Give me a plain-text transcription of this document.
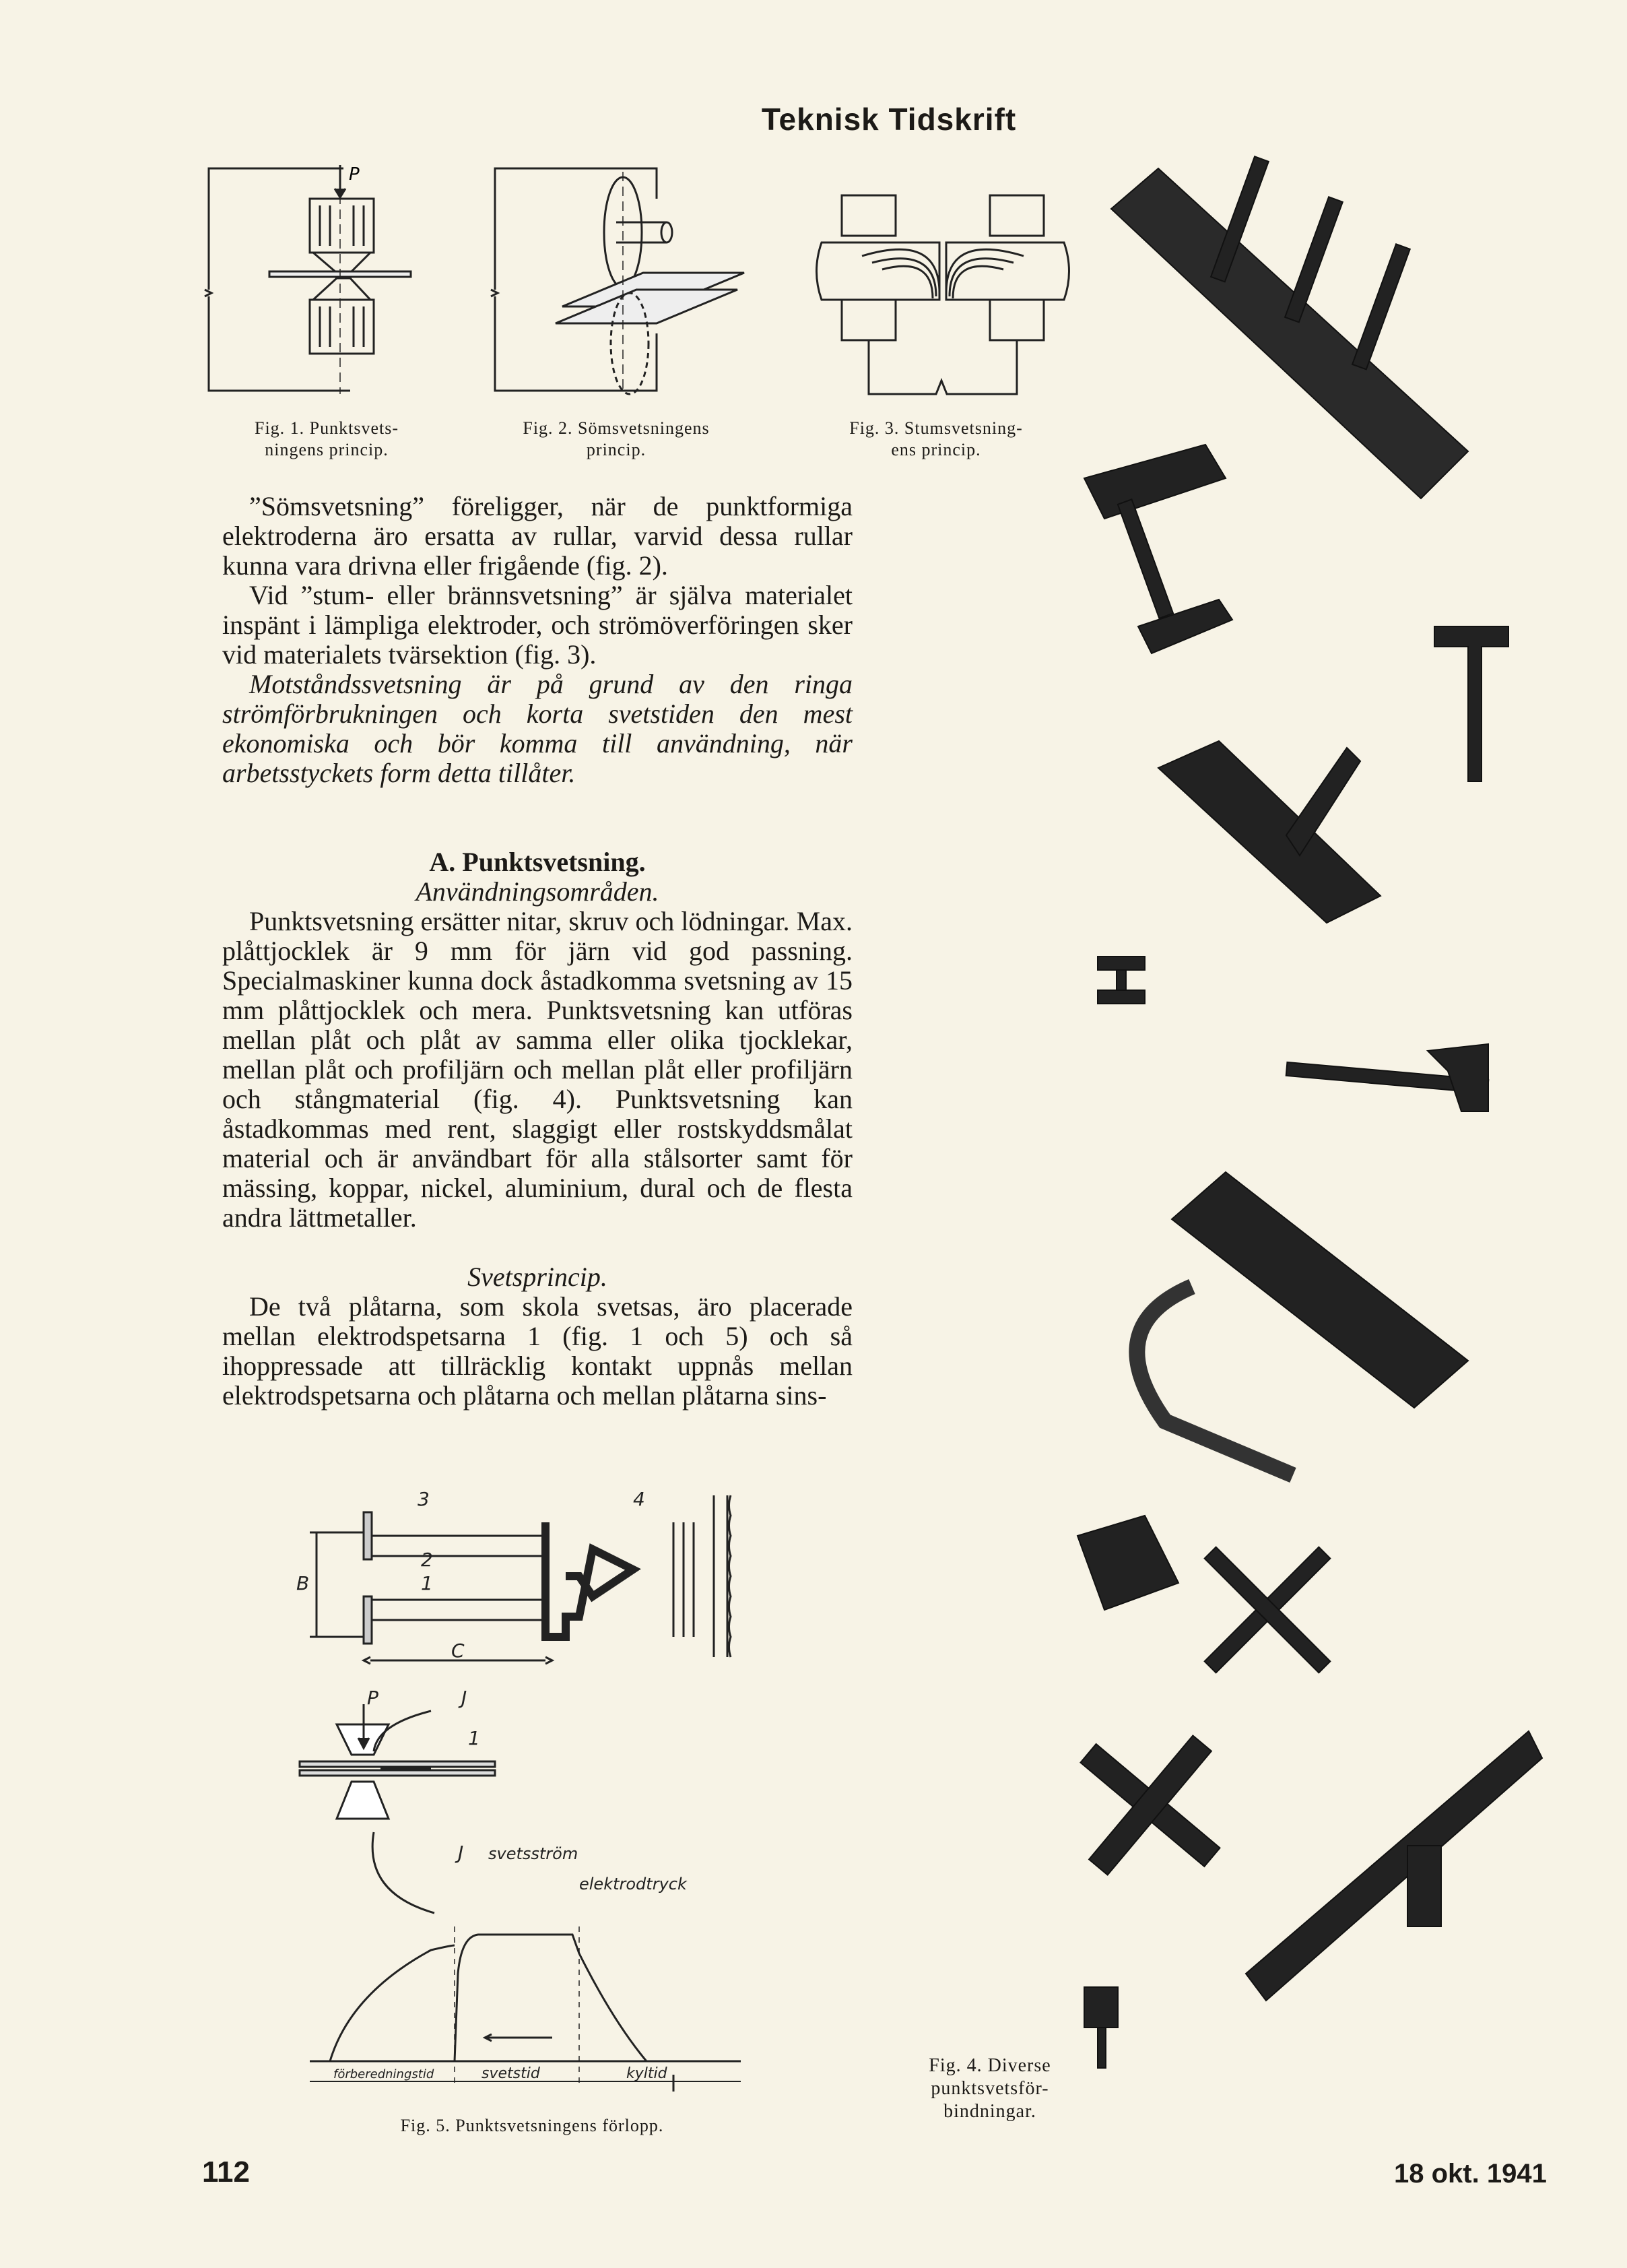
Teknisk Tidskrift
P
Fig. 1. Punktsvets-
ningens princip.
Fig. 2. Sömsvetsningens
princip.
Fig. 3. Stumsvetsning-
ens princip.

”Sömsvetsning” föreligger, när de punktformiga elektroderna äro ersatta av rullar, varvid dessa rullar kunna vara drivna eller frigående (fig. 2).

Vid ”stum- eller brännsvetsning” är själva materialet inspänt i lämpliga elektroder, och strömöverföringen sker vid materialets tvärsektion (fig. 3).

Motståndssvetsning är på grund av den ringa strömförbrukningen och korta svetstiden den mest ekonomiska och bör komma till användning, när arbetsstyckets form detta tillåter.

A. Punktsvetsning.

Användningsområden.

Punktsvetsning ersätter nitar, skruv och lödningar. Max. plåttjocklek är 9 mm för järn vid god passning. Specialmaskiner kunna dock åstadkomma svetsning av 15 mm plåttjocklek och mera. Punktsvetsning kan utföras mellan plåt och plåt av samma eller olika tjocklekar, mellan plåt och profiljärn och mellan plåt eller profiljärn och stångmaterial (fig. 4). Punktsvetsning kan åstadkommas med rent, slaggigt eller rostskyddsmålat material och är användbart för alla stålsorter samt för mässing, koppar, nickel, aluminium, dural och de flesta andra lättmetaller.

Svetsprincip.

De två plåtarna, som skola svetsas, äro placerade mellan elektrodspetsarna 1 (fig. 1 och 5) och så ihoppressade att tillräcklig kontakt uppnås mellan elektrodspetsarna och plåtarna och mellan plåtarna sins-

3	4
2
1
B
C
P	J
1
J svetsström
elektrodtryck
förberedningstid	svetstid	kyltid
Fig. 5. Punktsvetsningens förlopp.
Fig. 4. Diverse
punktsvetsför-
bindningar.
112	18 okt. 1941
